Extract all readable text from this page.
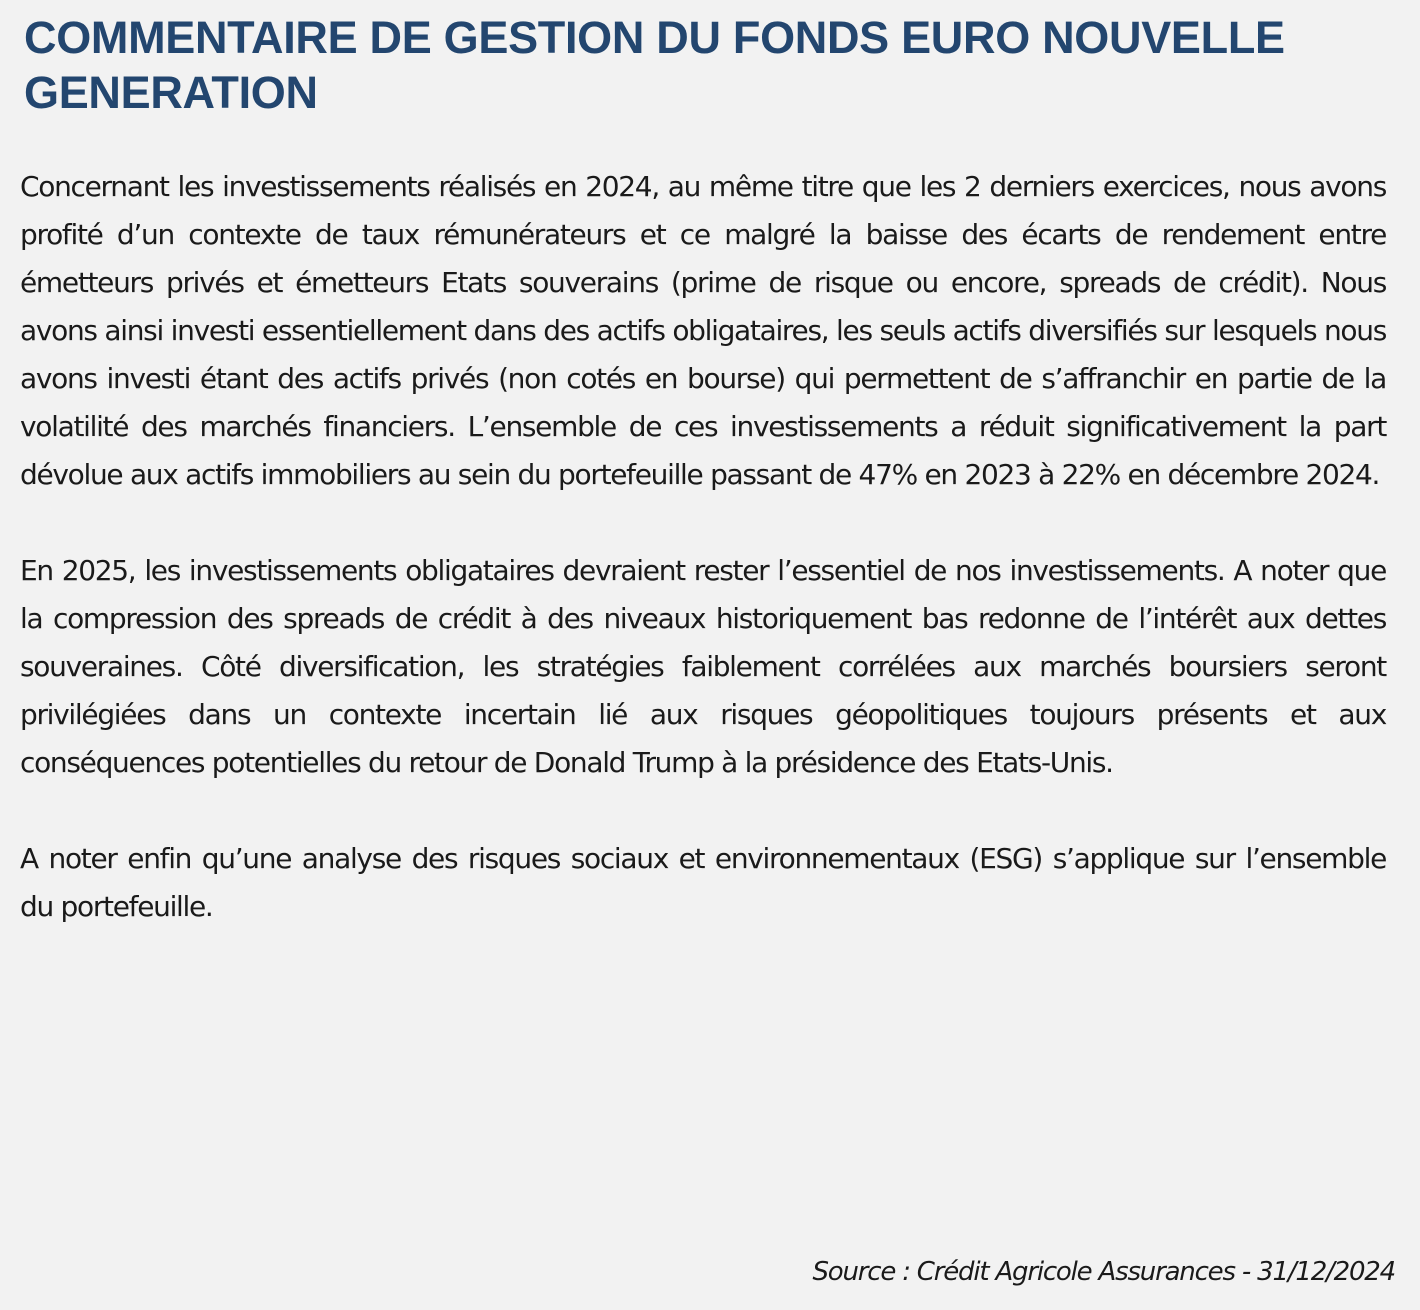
COMMENTAIRE DE GESTION DU FONDS EURO NOUVELLE GENERATION

Concernant les investissements réalisés en 2024, au même titre que les 2 derniers exercices, nous avons profité d’un contexte de taux rémunérateurs et ce malgré la baisse des écarts de rendement entre émetteurs privés et émetteurs Etats souverains (prime de risque ou encore, spreads de crédit). Nous avons ainsi investi essentiellement dans des actifs obligataires, les seuls actifs diversifiés sur lesquels nous avons investi étant des actifs privés (non cotés en bourse) qui permettent de s’affranchir en partie de la volatilité des marchés financiers. L’ensemble de ces investissements a réduit significativement la part dévolue aux actifs immobiliers au sein du portefeuille passant de 47% en 2023 à 22% en décembre 2024.

En 2025, les investissements obligataires devraient rester l’essentiel de nos investissements. A noter que la compression des spreads de crédit à des niveaux historiquement bas redonne de l’intérêt aux dettes souveraines. Côté diversification, les stratégies faiblement corrélées aux marchés boursiers seront privilégiées dans un contexte incertain lié aux risques géopolitiques toujours présents et aux conséquences potentielles du retour de Donald Trump à la présidence des Etats-Unis.

A noter enfin qu’une analyse des risques sociaux et environnementaux (ESG) s’applique sur l’ensemble du portefeuille.

Source : Crédit Agricole Assurances - 31/12/2024
